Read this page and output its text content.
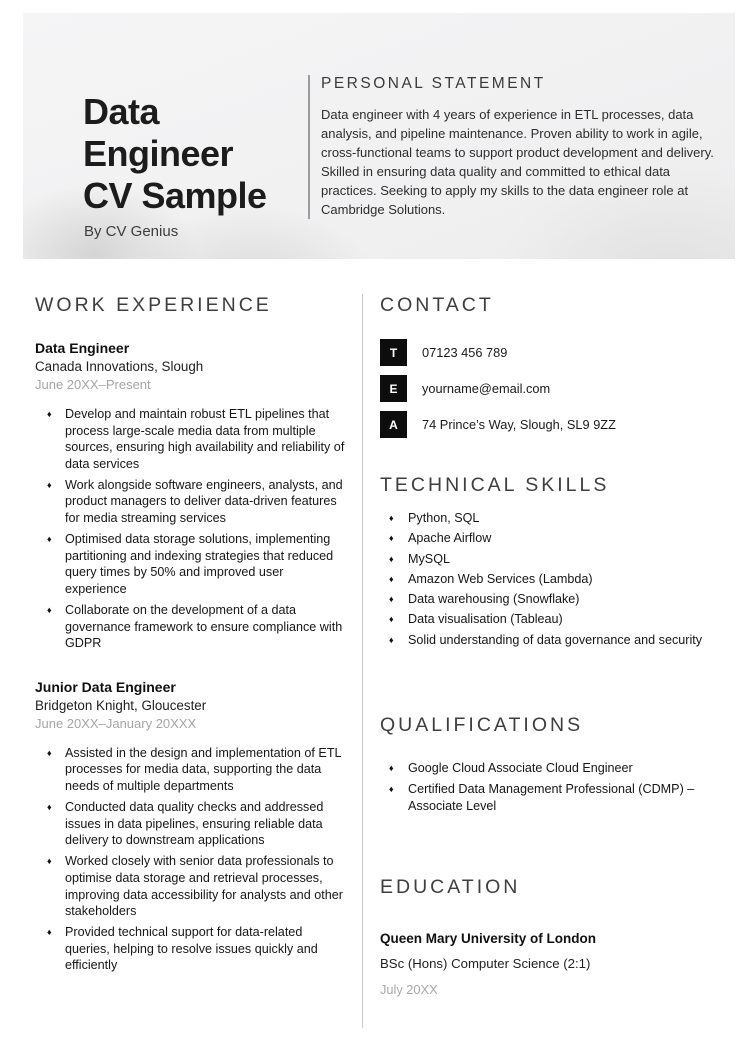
Data
Engineer
CV Sample
By CV Genius
PERSONAL STATEMENT
Data engineer with 4 years of experience in ETL processes, data analysis, and pipeline maintenance. Proven ability to work in agile, cross-functional teams to support product development and delivery. Skilled in ensuring data quality and committed to ethical data practices. Seeking to apply my skills to the data engineer role at Cambridge Solutions.
WORK EXPERIENCE
Data Engineer
Canada Innovations, Slough
June 20XX–Present
♦	Develop and maintain robust ETL pipelines that process large-scale media data from multiple sources, ensuring high availability and reliability of data services
♦	Work alongside software engineers, analysts, and product managers to deliver data-driven features for media streaming services
♦	Optimised data storage solutions, implementing partitioning and indexing strategies that reduced query times by 50% and improved user experience
♦	Collaborate on the development of a data governance framework to ensure compliance with GDPR
Junior Data Engineer
Bridgeton Knight, Gloucester
June 20XX–January 20XXX
♦	Assisted in the design and implementation of ETL processes for media data, supporting the data needs of multiple departments
♦	Conducted data quality checks and addressed issues in data pipelines, ensuring reliable data delivery to downstream applications
♦	Worked closely with senior data professionals to optimise data storage and retrieval processes, improving data accessibility for analysts and other stakeholders
♦	Provided technical support for data-related queries, helping to resolve issues quickly and efficiently
CONTACT
T	07123 456 789
E	yourname@email.com
A	74 Prince’s Way, Slough, SL9 9ZZ
TECHNICAL SKILLS
♦	Python, SQL
♦	Apache Airflow
♦	MySQL
♦	Amazon Web Services (Lambda)
♦	Data warehousing (Snowflake)
♦	Data visualisation (Tableau)
♦	Solid understanding of data governance and security
QUALIFICATIONS
♦	Google Cloud Associate Cloud Engineer
♦	Certified Data Management Professional (CDMP) – Associate Level
EDUCATION
Queen Mary University of London
BSc (Hons) Computer Science (2:1)
July 20XX
